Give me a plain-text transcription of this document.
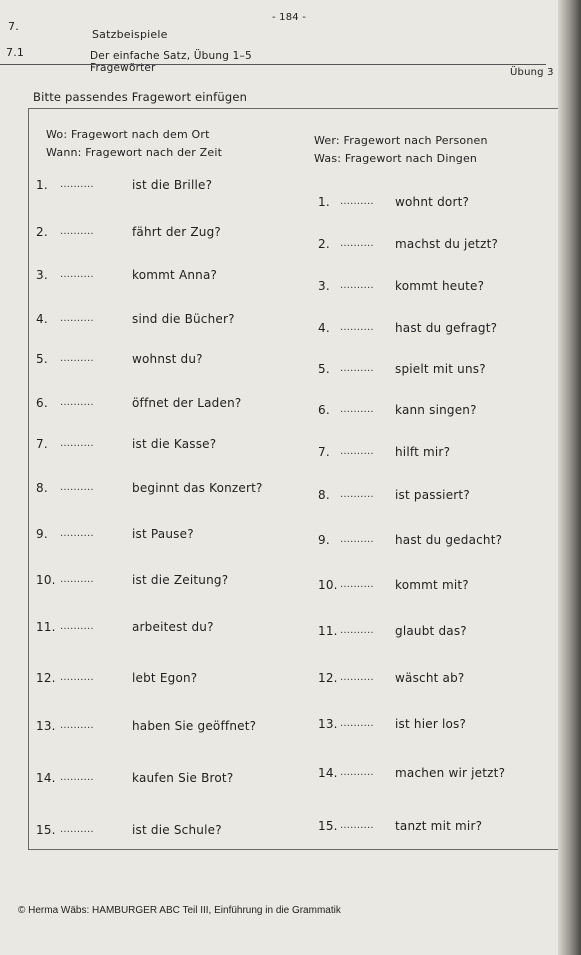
- 184 -
7.
Satzbeispiele
7.1	Der einfache Satz, Übung 1–5
Fragewörter	Übung 3
Bitte passendes Fragewort einfügen
Wo: Fragewort nach dem Ort
Wann: Fragewort nach der Zeit
Wer: Fragewort nach Personen
Was: Fragewort nach Dingen
© Herma Wäbs: HAMBURGER ABC Teil III, Einführung in die Grammatik
1. ..........	ist die Brille?
2. ..........	fährt der Zug?
3. ..........	kommt Anna?
4. ..........	sind die Bücher?
5. ..........	wohnst du?
6. ..........	öffnet der Laden?
7. ..........	ist die Kasse?
8. ..........	beginnt das Konzert?
9. ..........	ist Pause?
10. ..........	ist die Zeitung?
11. ..........	arbeitest du?
12. ..........	lebt Egon?
13. ..........	haben Sie geöffnet?
14. ..........	kaufen Sie Brot?
15. ..........	ist die Schule?
1. .......... wohnt dort?
2. .......... machst du jetzt?
3. .......... kommt heute?
4. .......... hast du gefragt?
5. .......... spielt mit uns?
6. .......... kann singen?
7. .......... hilft mir?
8. .......... ist passiert?
9. .......... hast du gedacht?
10. .......... kommt mit?
11. .......... glaubt das?
12. .......... wäscht ab?
13. .......... ist hier los?
14. .......... machen wir jetzt?
15. .......... tanzt mit mir?
